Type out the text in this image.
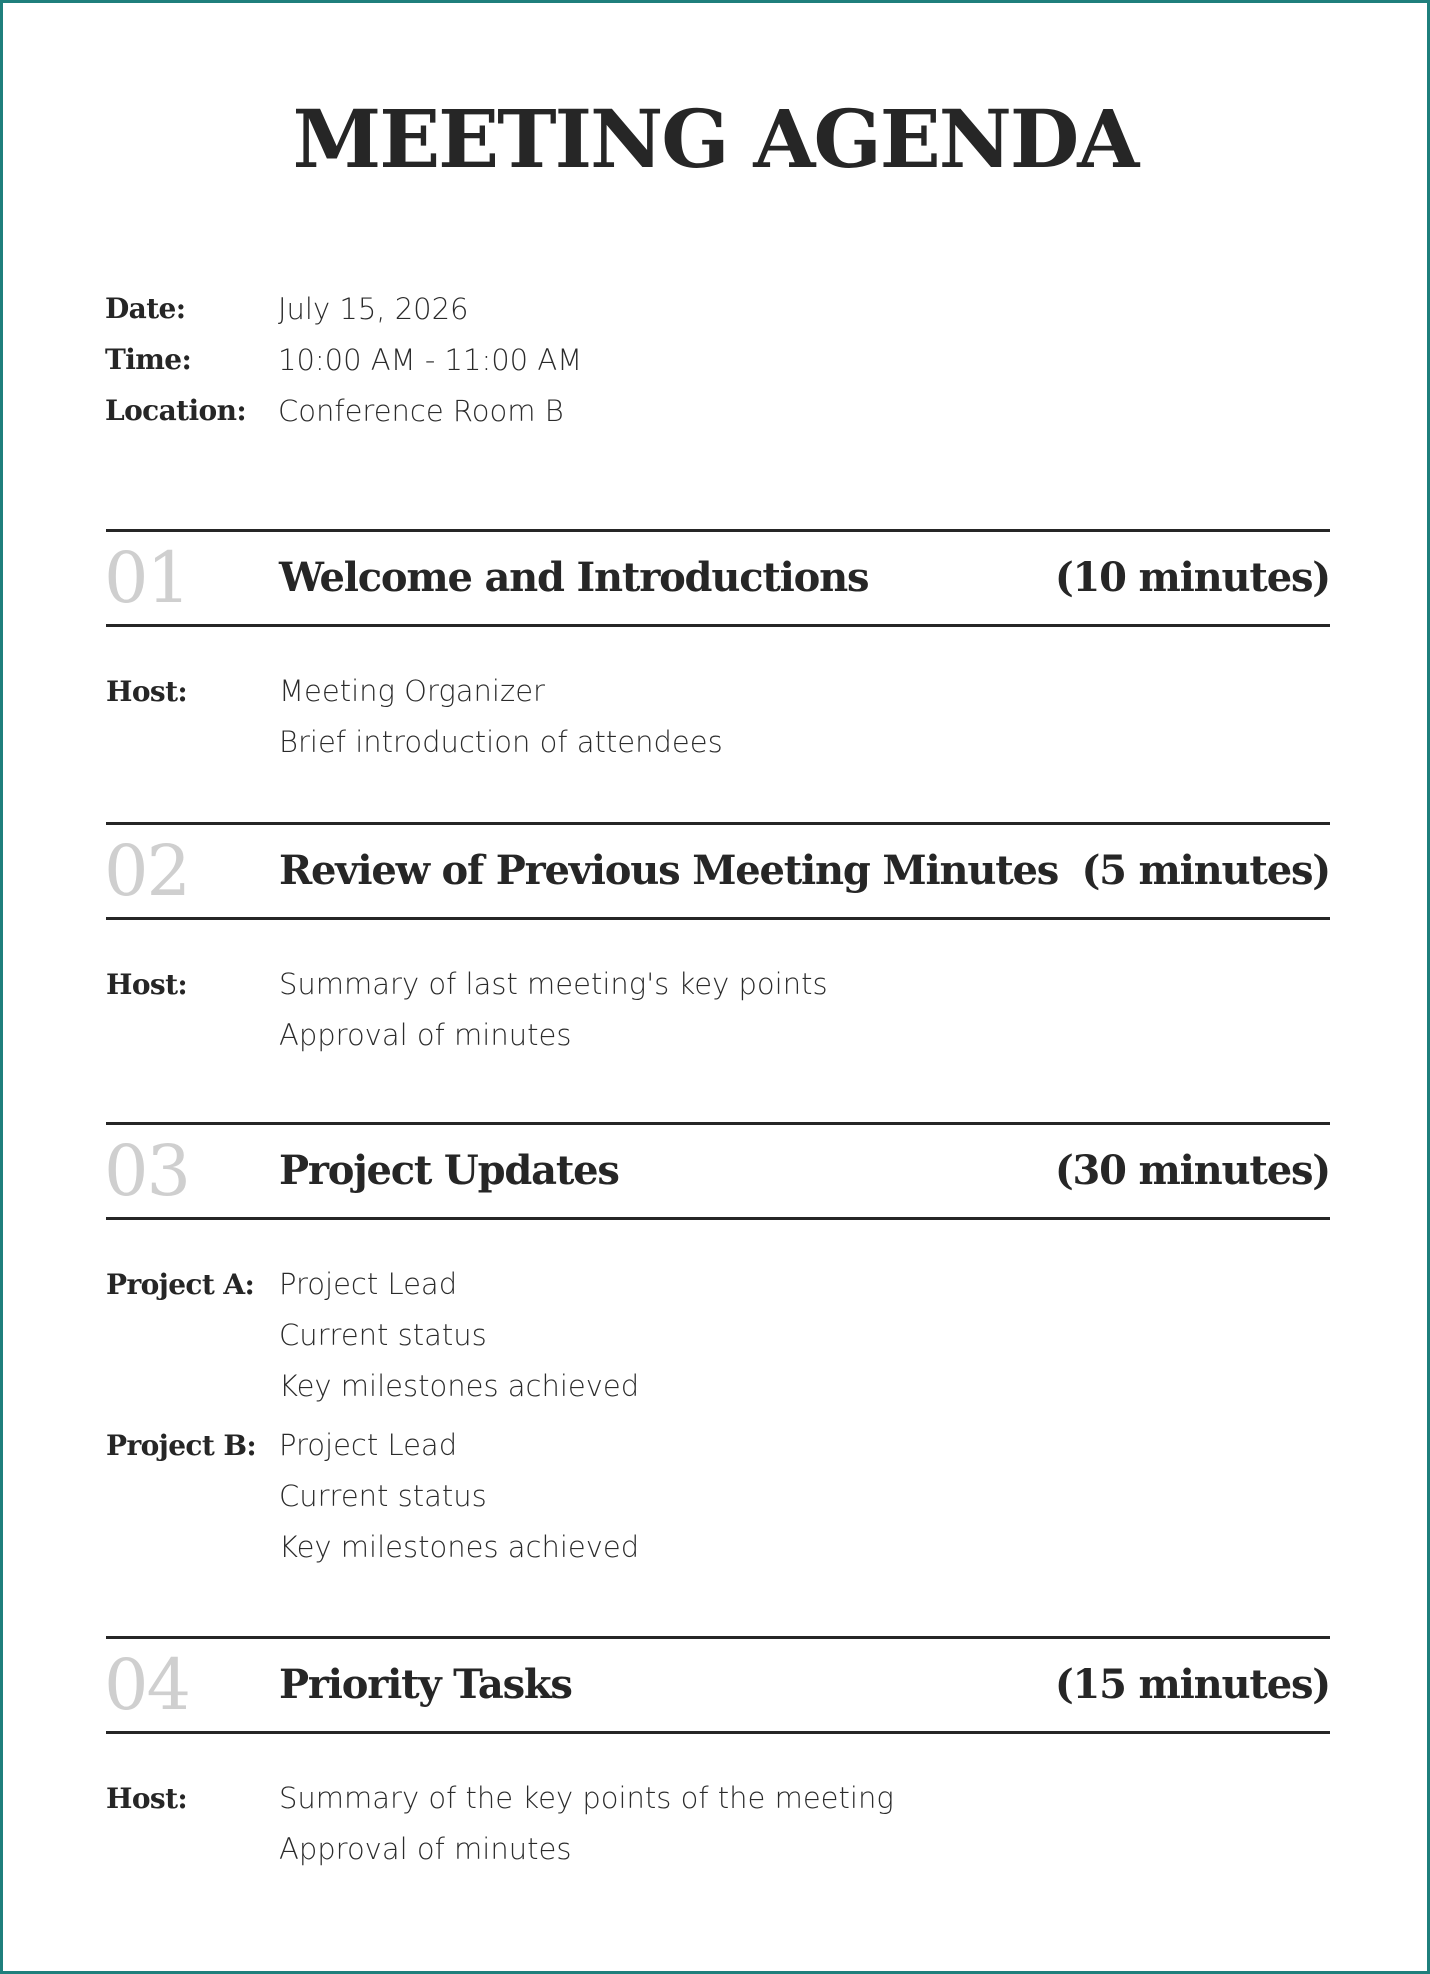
MEETING AGENDA
Date:	July 15, 2026
Time:	10:00 AM - 11:00 AM
Location:	Conference Room B
01 Welcome and Introductions	(10 minutes)
Host:	Meeting Organizer
Brief introduction of attendees
02 Review of Previous Meeting Minutes (5 minutes)
Host:	Summary of last meeting's key points
Approval of minutes
03 Project Updates	(30 minutes)
Project A: Project Lead
Current status
Key milestones achieved
Project B: Project Lead
Current status
Key milestones achieved
04 Priority Tasks	(15 minutes)
Host:	Summary of the key points of the meeting
Approval of minutes
